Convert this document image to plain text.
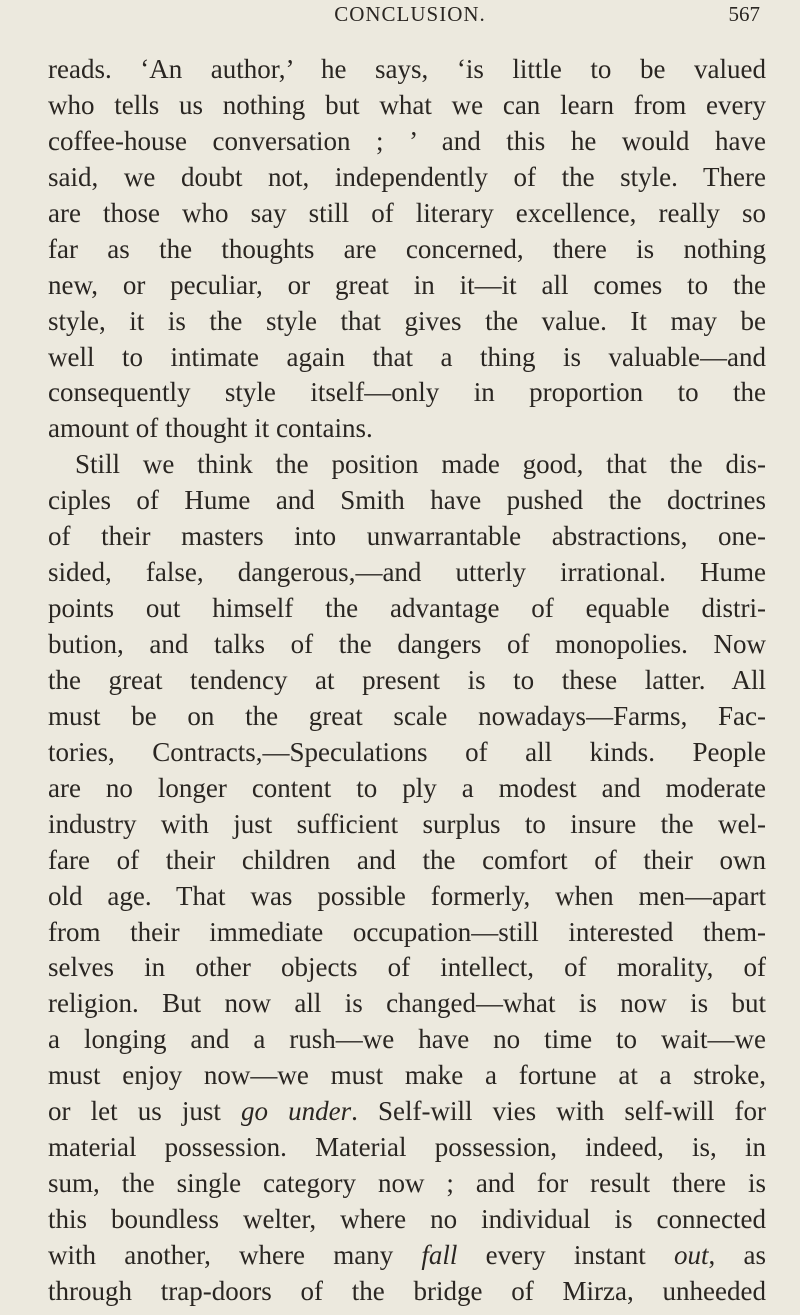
CONCLUSION.	567
reads. ‘An author,’ he says, ‘is little to be valued
who tells us nothing but what we can learn from every
coffee-house conversation ; ’ and this he would have
said, we doubt not, independently of the style. There
are those who say still of literary excellence, really so
far as the thoughts are concerned, there is nothing
new, or peculiar, or great in it—it all comes to the
style, it is the style that gives the value. It may be
well to intimate again that a thing is valuable—and
consequently style itself—only in proportion to the
amount of thought it contains.
Still we think the position made good, that the dis-
ciples of Hume and Smith have pushed the doctrines
of their masters into unwarrantable abstractions, one-
sided, false, dangerous,—and utterly irrational. Hume
points out himself the advantage of equable distri-
bution, and talks of the dangers of monopolies. Now
the great tendency at present is to these latter. All
must be on the great scale nowadays—Farms, Fac-
tories, Contracts,—Speculations of all kinds. People
are no longer content to ply a modest and moderate
industry with just sufficient surplus to insure the wel-
fare of their children and the comfort of their own
old age. That was possible formerly, when men—apart
from their immediate occupation—still interested them-
selves in other objects of intellect, of morality, of
religion. But now all is changed—what is now is but
a longing and a rush—we have no time to wait—we
must enjoy now—we must make a fortune at a stroke,
or let us just go under. Self-will vies with self-will for
material possession. Material possession, indeed, is, in
sum, the single category now ; and for result there is
this boundless welter, where no individual is connected
with another, where many fall every instant out, as
through trap-doors of the bridge of Mirza, unheeded
